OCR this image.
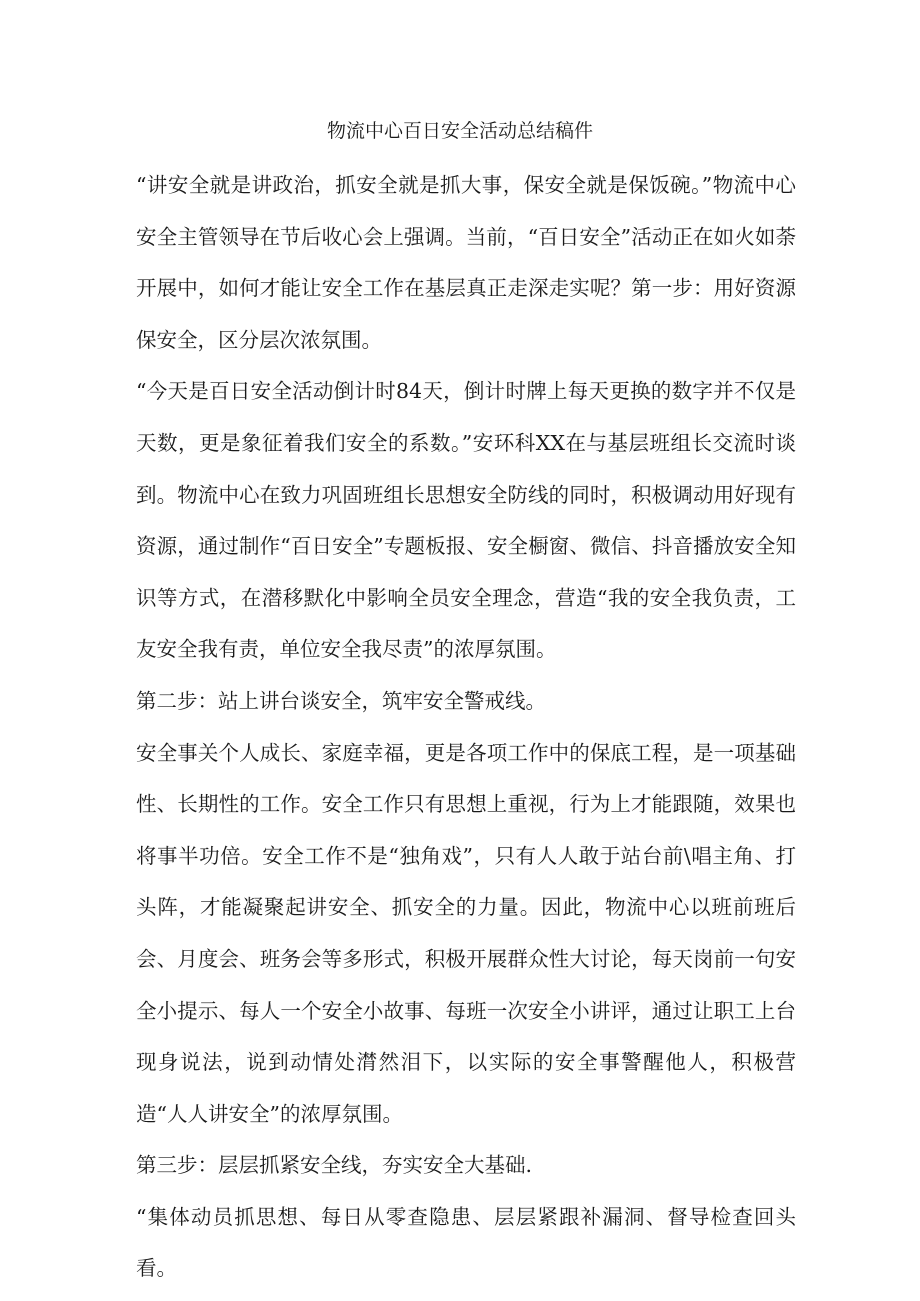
物流中心百日安全活动总结稿件

“讲安全就是讲政治，抓安全就是抓大事，保安全就是保饭碗。”物流中心安全主管领导在节后收心会上强调。当前，“百日安全”活动正在如火如荼开展中，如何才能让安全工作在基层真正走深走实呢？第一步：用好资源保安全，区分层次浓氛围。

“今天是百日安全活动倒计时84天，倒计时牌上每天更换的数字并不仅是天数，更是象征着我们安全的系数。”安环科XX在与基层班组长交流时谈到。物流中心在致力巩固班组长思想安全防线的同时，积极调动用好现有资源，通过制作“百日安全”专题板报、安全橱窗、微信、抖音播放安全知识等方式，在潜移默化中影响全员安全理念，营造“我的安全我负责，工友安全我有责，单位安全我尽责”的浓厚氛围。

第二步：站上讲台谈安全，筑牢安全警戒线。

安全事关个人成长、家庭幸福，更是各项工作中的保底工程，是一项基础性、长期性的工作。安全工作只有思想上重视，行为上才能跟随，效果也将事半功倍。安全工作不是“独角戏”，只有人人敢于站台前\唱主角、打头阵，才能凝聚起讲安全、抓安全的力量。因此，物流中心以班前班后会、月度会、班务会等多形式，积极开展群众性大讨论，每天岗前一句安全小提示、每人一个安全小故事、每班一次安全小讲评，通过让职工上台现身说法，说到动情处潸然泪下，以实际的安全事警醒他人，积极营造“人人讲安全”的浓厚氛围。

第三步：层层抓紧安全线，夯实安全大基础.

“集体动员抓思想、每日从零查隐患、层层紧跟补漏洞、督导检查回头看。
